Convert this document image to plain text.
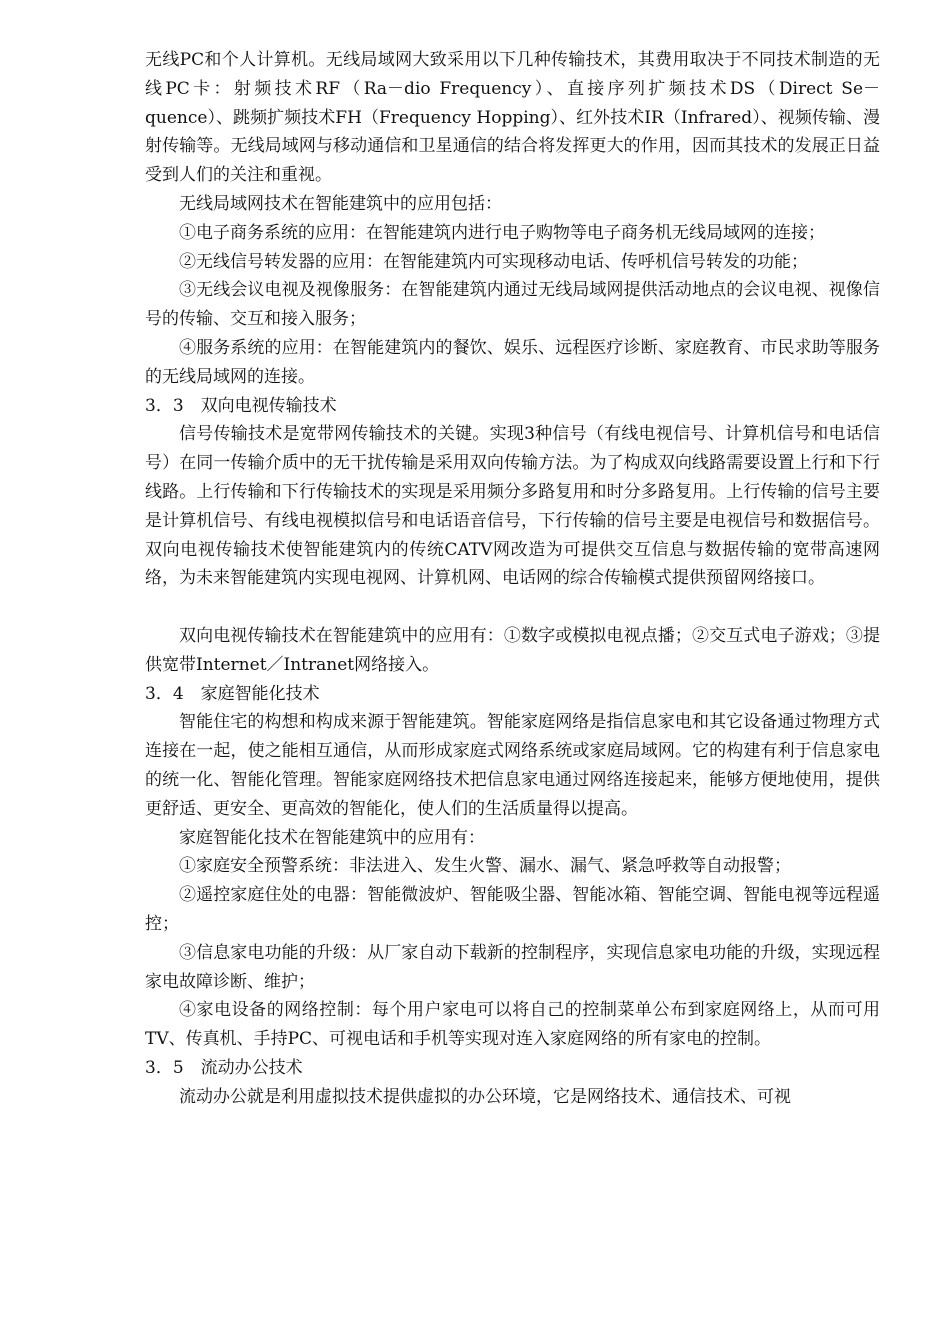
无线PC和个人计算机。无线局域网大致采用以下几种传输技术，其费用取决于不同技术制造的无线PC卡：射频技术RF（Ra－dio Frequency）、直接序列扩频技术DS（Direct Se－quence）、跳频扩频技术FH（Frequency Hopping）、红外技术IR（Infrared）、视频传输、漫射传输等。无线局域网与移动通信和卫星通信的结合将发挥更大的作用，因而其技术的发展正日益受到人们的关注和重视。

无线局域网技术在智能建筑中的应用包括：

①电子商务系统的应用：在智能建筑内进行电子购物等电子商务机无线局域网的连接；

②无线信号转发器的应用：在智能建筑内可实现移动电话、传呼机信号转发的功能；

③无线会议电视及视像服务：在智能建筑内通过无线局域网提供活动地点的会议电视、视像信号的传输、交互和接入服务；

④服务系统的应用：在智能建筑内的餐饮、娱乐、远程医疗诊断、家庭教育、市民求助等服务的无线局域网的连接。

3．3　双向电视传输技术

信号传输技术是宽带网传输技术的关键。实现3种信号（有线电视信号、计算机信号和电话信号）在同一传输介质中的无干扰传输是采用双向传输方法。为了构成双向线路需要设置上行和下行线路。上行传输和下行传输技术的实现是采用频分多路复用和时分多路复用。上行传输的信号主要是计算机信号、有线电视模拟信号和电话语音信号，下行传输的信号主要是电视信号和数据信号。双向电视传输技术使智能建筑内的传统CATV网改造为可提供交互信息与数据传输的宽带高速网络，为未来智能建筑内实现电视网、计算机网、电话网的综合传输模式提供预留网络接口。

双向电视传输技术在智能建筑中的应用有：①数字或模拟电视点播；②交互式电子游戏；③提供宽带Internet／Intranet网络接入。

3．4　家庭智能化技术

智能住宅的构想和构成来源于智能建筑。智能家庭网络是指信息家电和其它设备通过物理方式连接在一起，使之能相互通信，从而形成家庭式网络系统或家庭局域网。它的构建有利于信息家电的统一化、智能化管理。智能家庭网络技术把信息家电通过网络连接起来，能够方便地使用，提供更舒适、更安全、更高效的智能化，使人们的生活质量得以提高。

家庭智能化技术在智能建筑中的应用有：

①家庭安全预警系统：非法进入、发生火警、漏水、漏气、紧急呼救等自动报警；

②遥控家庭住处的电器：智能微波炉、智能吸尘器、智能冰箱、智能空调、智能电视等远程遥控；

③信息家电功能的升级：从厂家自动下载新的控制程序，实现信息家电功能的升级，实现远程家电故障诊断、维护；

④家电设备的网络控制：每个用户家电可以将自己的控制菜单公布到家庭网络上，从而可用TV、传真机、手持PC、可视电话和手机等实现对连入家庭网络的所有家电的控制。

3．5　流动办公技术

流动办公就是利用虚拟技术提供虚拟的办公环境，它是网络技术、通信技术、可视
